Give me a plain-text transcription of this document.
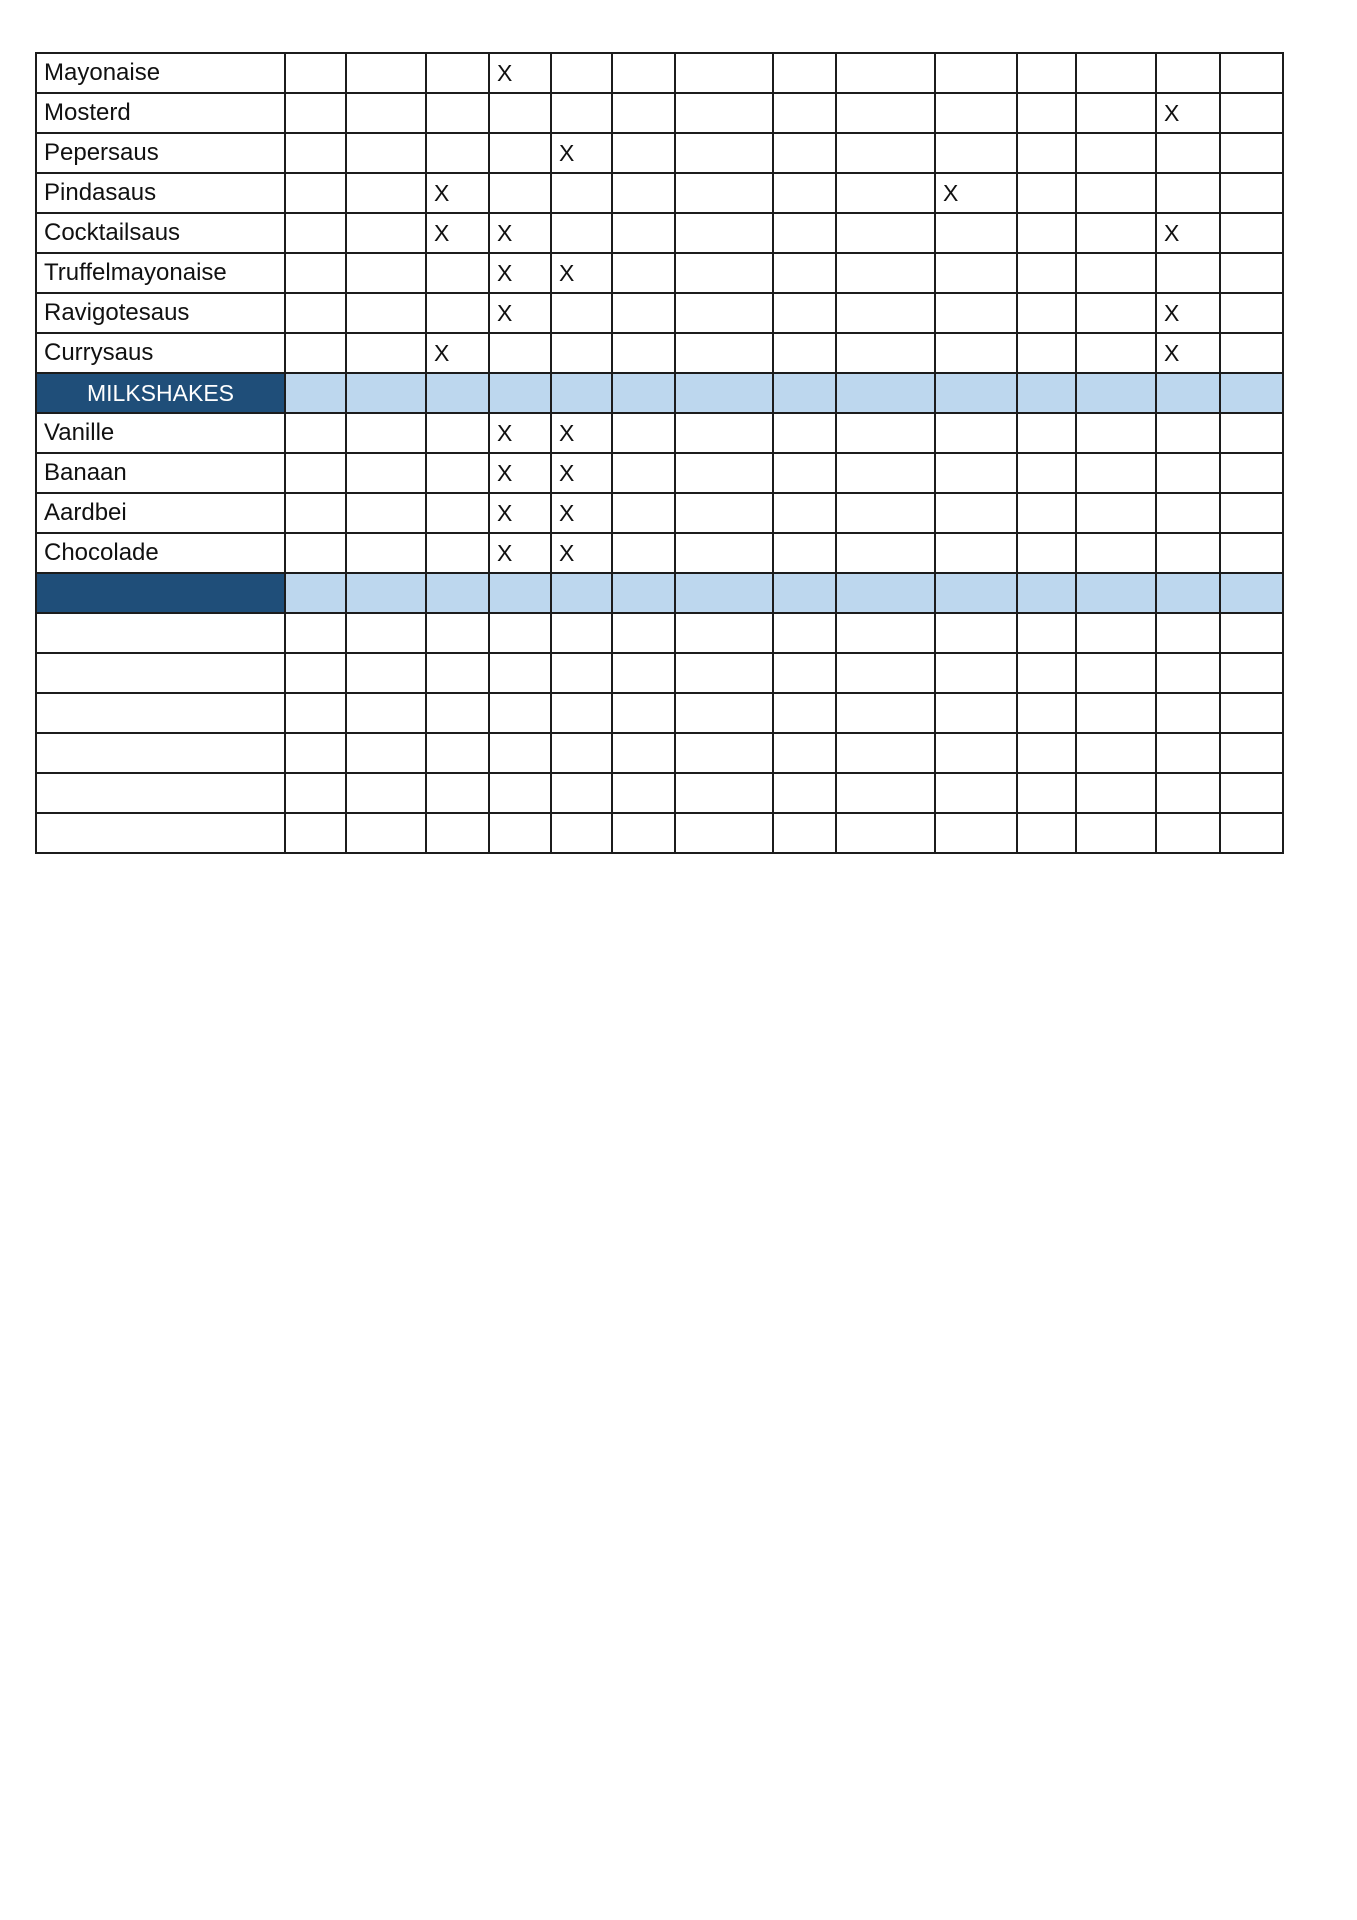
Mayonaise				X										
Mosterd													X	
Pepersaus					X									
Pindasaus			X							X				
Cocktailsaus			X	X									X	
Truffelmayonaise				X	X									
Ravigotesaus				X									X	
Currysaus			X										X	
MILKSHAKES														
Vanille				X	X									
Banaan				X	X									
Aardbei				X	X									
Chocolade				X	X									
